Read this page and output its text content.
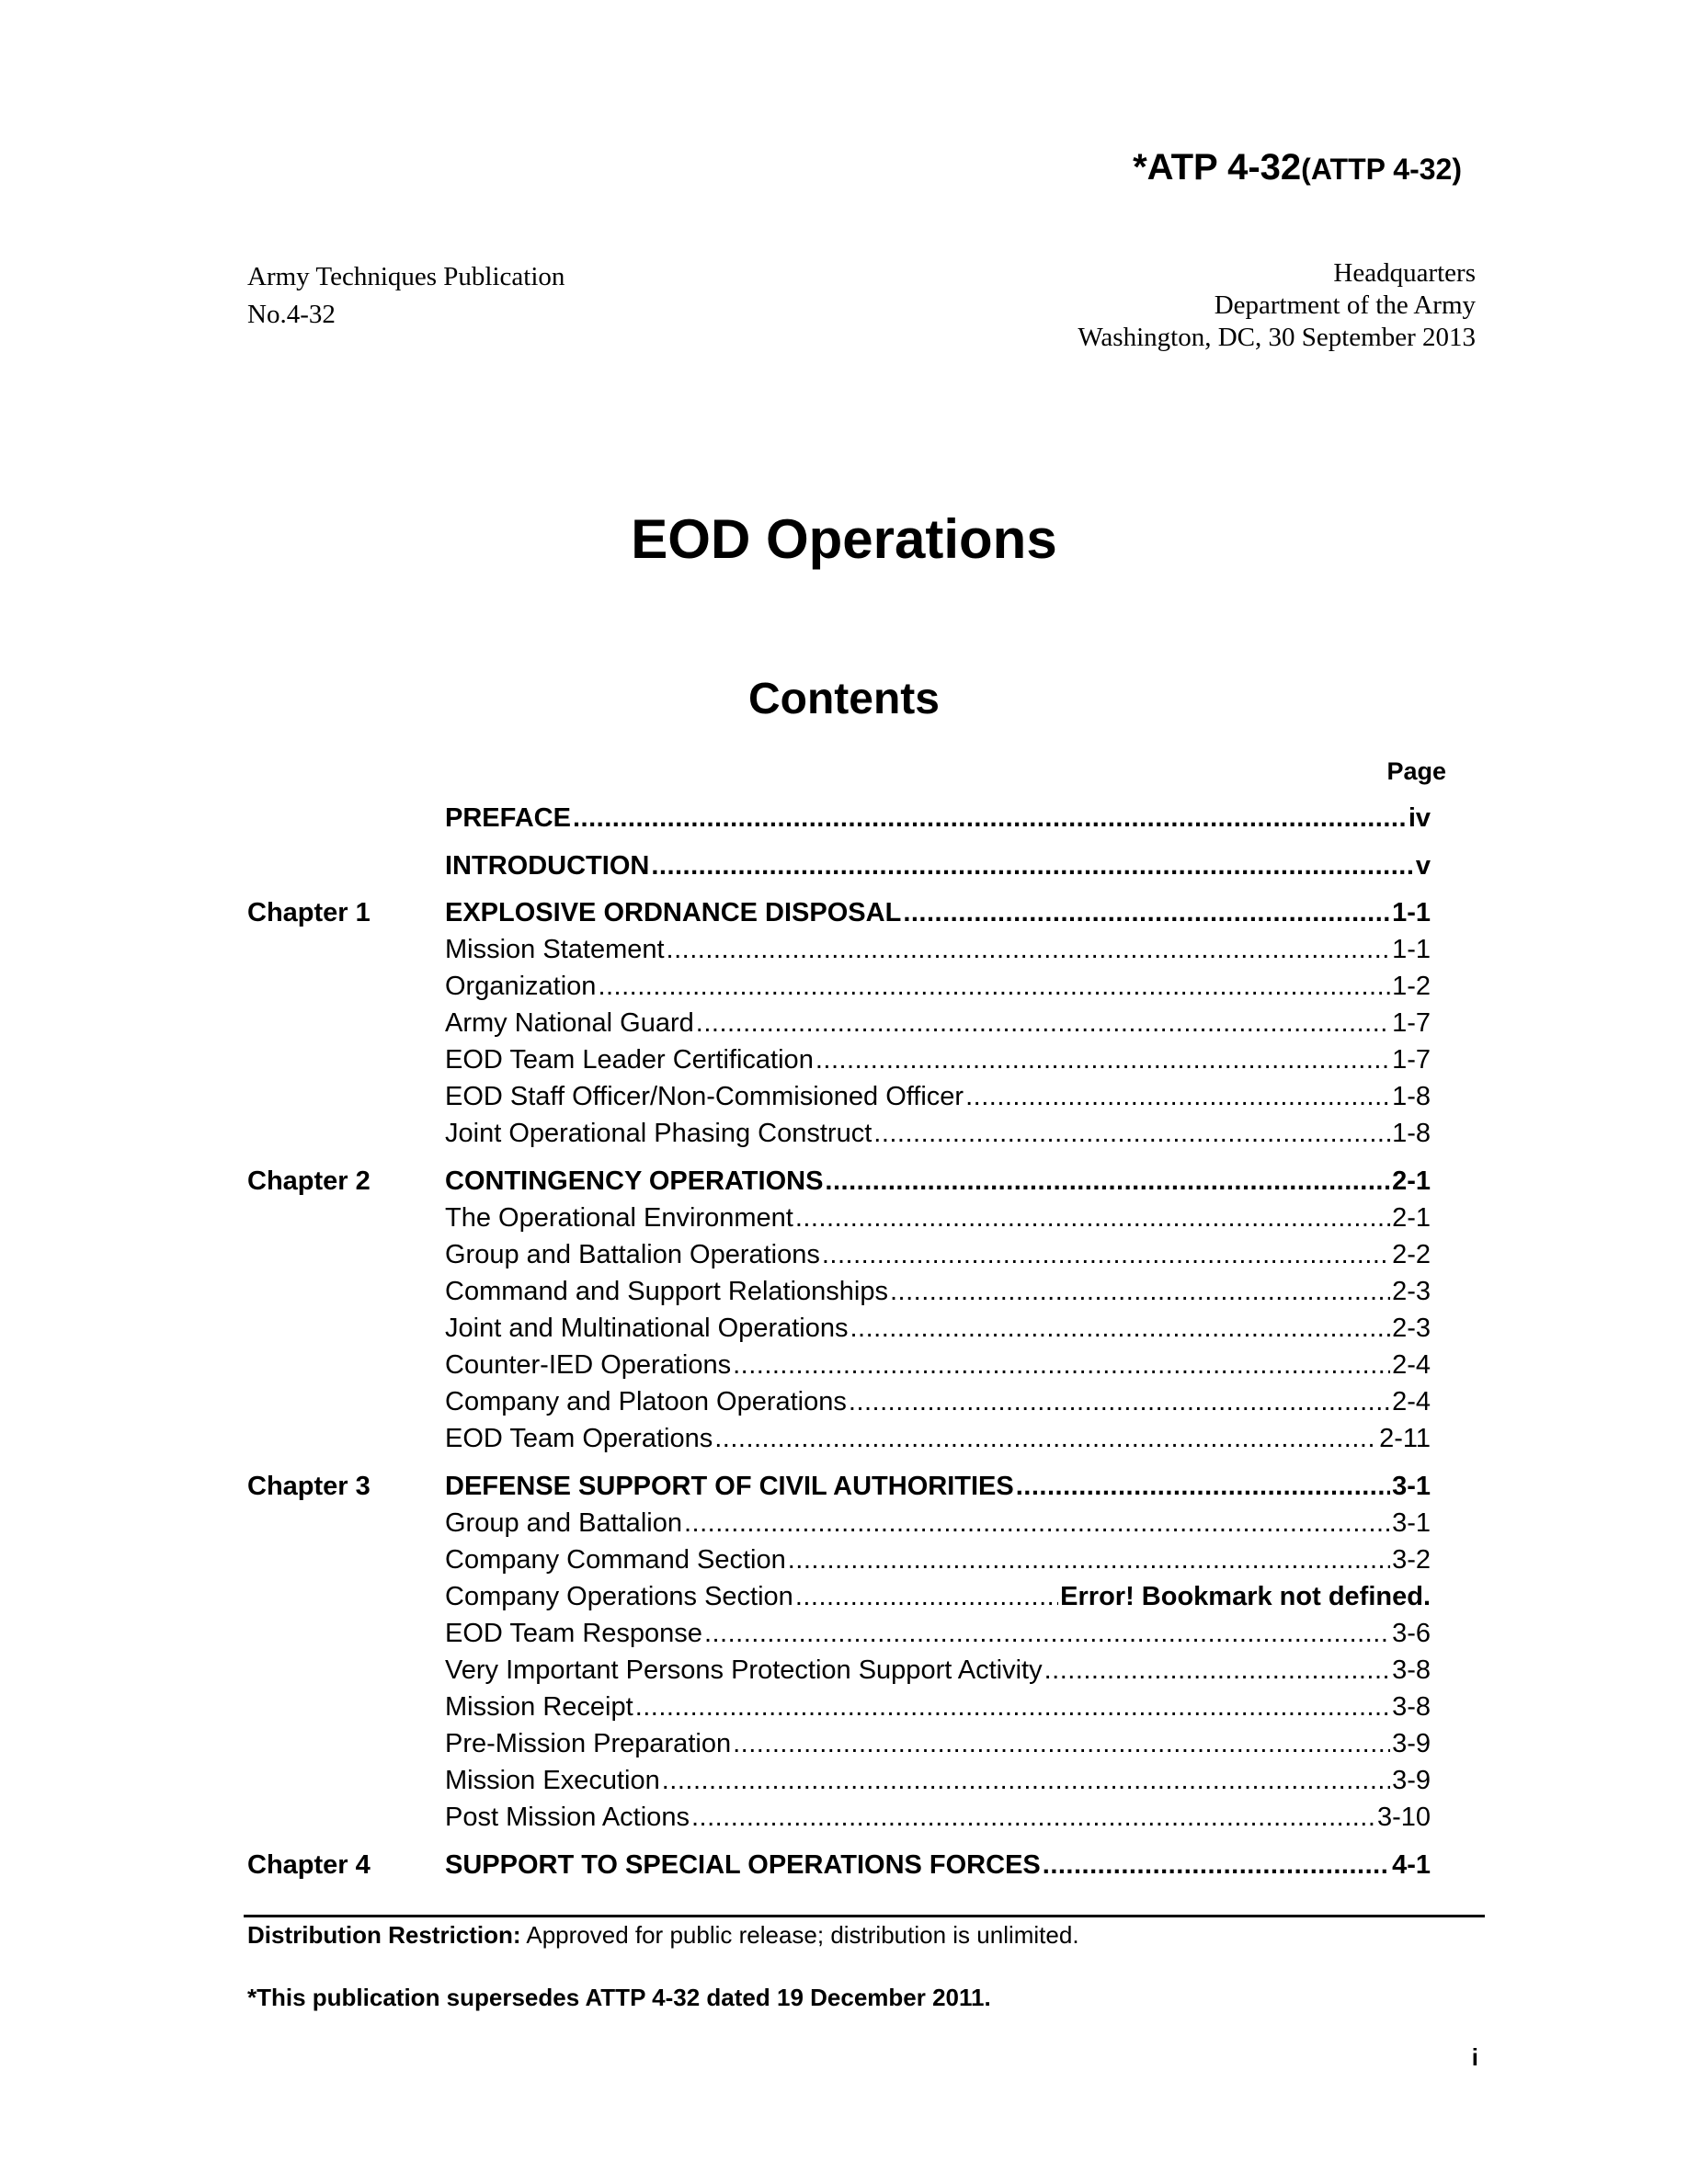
*ATP 4-32(ATTP 4-32)
Army Techniques Publication
No.4-32
Headquarters
Department of the Army
Washington, DC, 30 September 2013
EOD Operations
Contents
Page
PREFACE .....	iv
INTRODUCTION .....	v
Chapter 1	EXPLOSIVE ORDNANCE DISPOSAL .....	1-1
Mission Statement .....	1-1
Organization .....	1-2
Army National Guard .....	1-7
EOD Team Leader Certification .....	1-7
EOD Staff Officer/Non-Commisioned Officer .....	1-8
Joint Operational Phasing Construct .....	1-8
Chapter 2	CONTINGENCY OPERATIONS .....	2-1
The Operational Environment .....	2-1
Group and Battalion Operations .....	2-2
Command and Support Relationships .....	2-3
Joint and Multinational Operations .....	2-3
Counter-IED Operations .....	2-4
Company and Platoon Operations .....	2-4
EOD Team Operations .....	2-11
Chapter 3	DEFENSE SUPPORT OF CIVIL AUTHORITIES .....	3-1
Group and Battalion .....	3-1
Company Command Section .....	3-2
Company Operations Section .....	Error! Bookmark not defined.
EOD Team Response .....	3-6
Very Important Persons Protection Support Activity .....	3-8
Mission Receipt .....	3-8
Pre-Mission Preparation .....	3-9
Mission Execution .....	3-9
Post Mission Actions .....	3-10
Chapter 4	SUPPORT TO SPECIAL OPERATIONS FORCES .....	4-1
Distribution Restriction: Approved for public release; distribution is unlimited.
*This publication supersedes ATTP 4-32 dated 19 December 2011.
i
